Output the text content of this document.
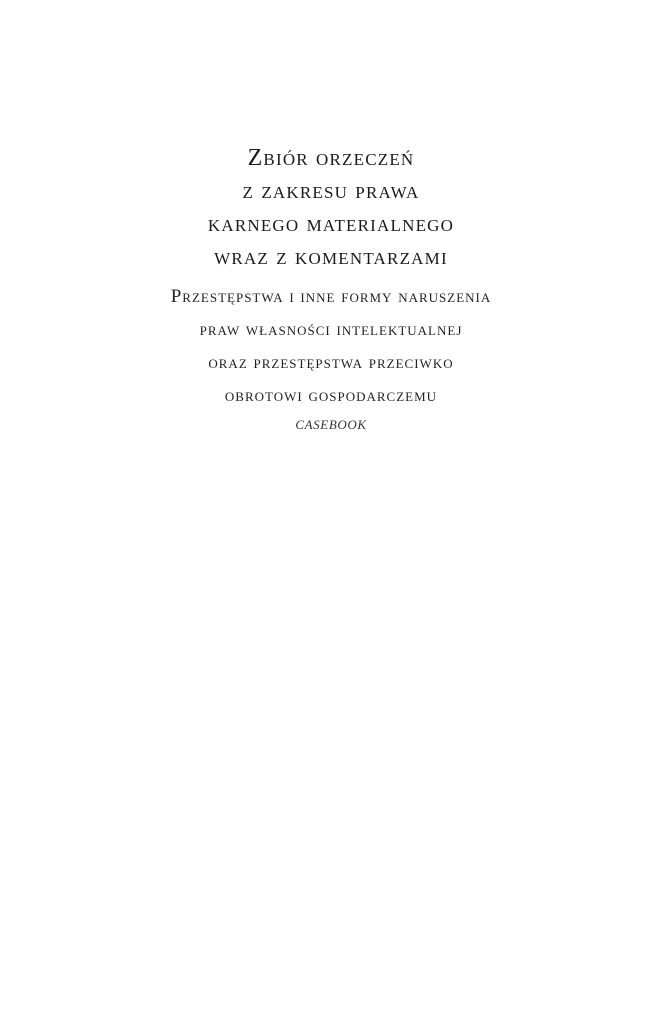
Zbiór orzeczeń
z zakresu prawa
karnego materialnego
wraz z komentarzami
Przestępstwa i inne formy naruszenia
praw własności intelektualnej
oraz przestępstwa przeciwko
obrotowi gospodarczemu
CASEBOOK
